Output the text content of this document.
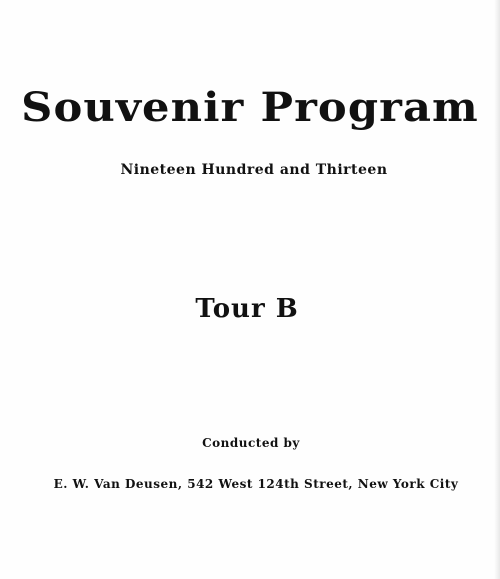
Souvenir Program
Nineteen Hundred and Thirteen
Tour B
Conducted by
E. W. Van Deusen, 542 West 124th Street, New York City
